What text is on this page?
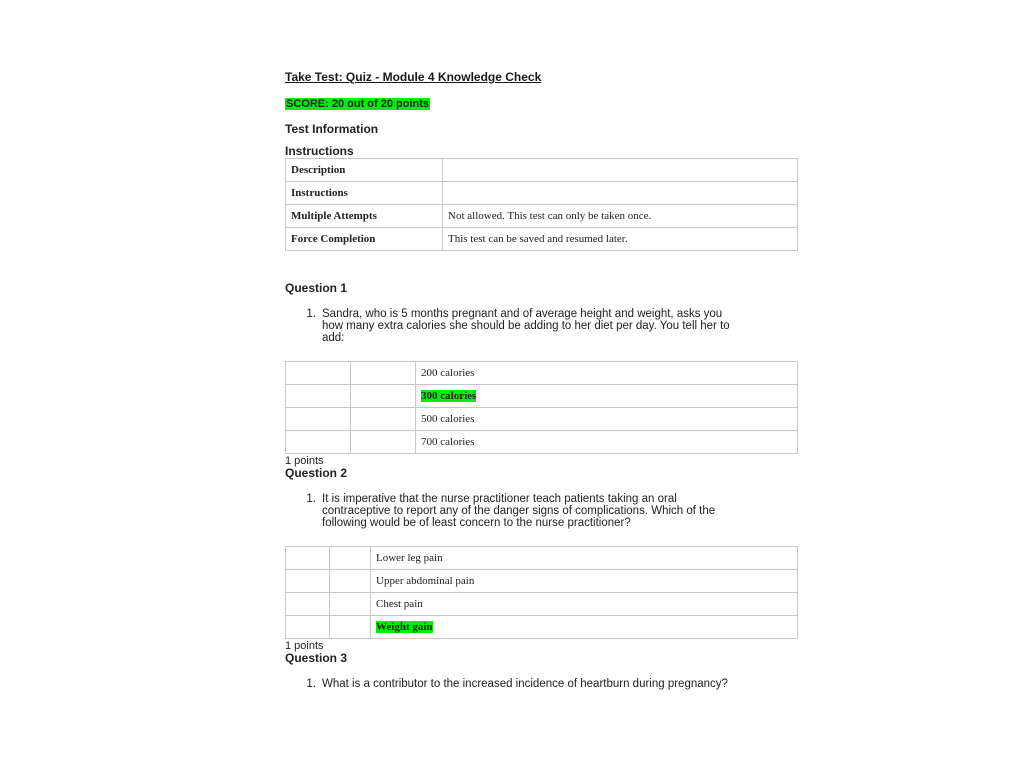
Take Test: Quiz - Module 4 Knowledge Check
SCORE: 20 out of 20 points
Test Information
Instructions
Description	
Instructions	
Multiple Attempts	Not allowed. This test can only be taken once.
Force Completion	This test can be saved and resumed later.
Question 1
1. Sandra, who is 5 months pregnant and of average height and weight, asks you how many extra calories she should be adding to her diet per day. You tell her to add:
		200 calories
		300 calories
		500 calories
		700 calories
1 points
Question 2
1. It is imperative that the nurse practitioner teach patients taking an oral contraceptive to report any of the danger signs of complications. Which of the following would be of least concern to the nurse practitioner?
		Lower leg pain
		Upper abdominal pain
		Chest pain
		Weight gain
1 points
Question 3
1. What is a contributor to the increased incidence of heartburn during pregnancy?
